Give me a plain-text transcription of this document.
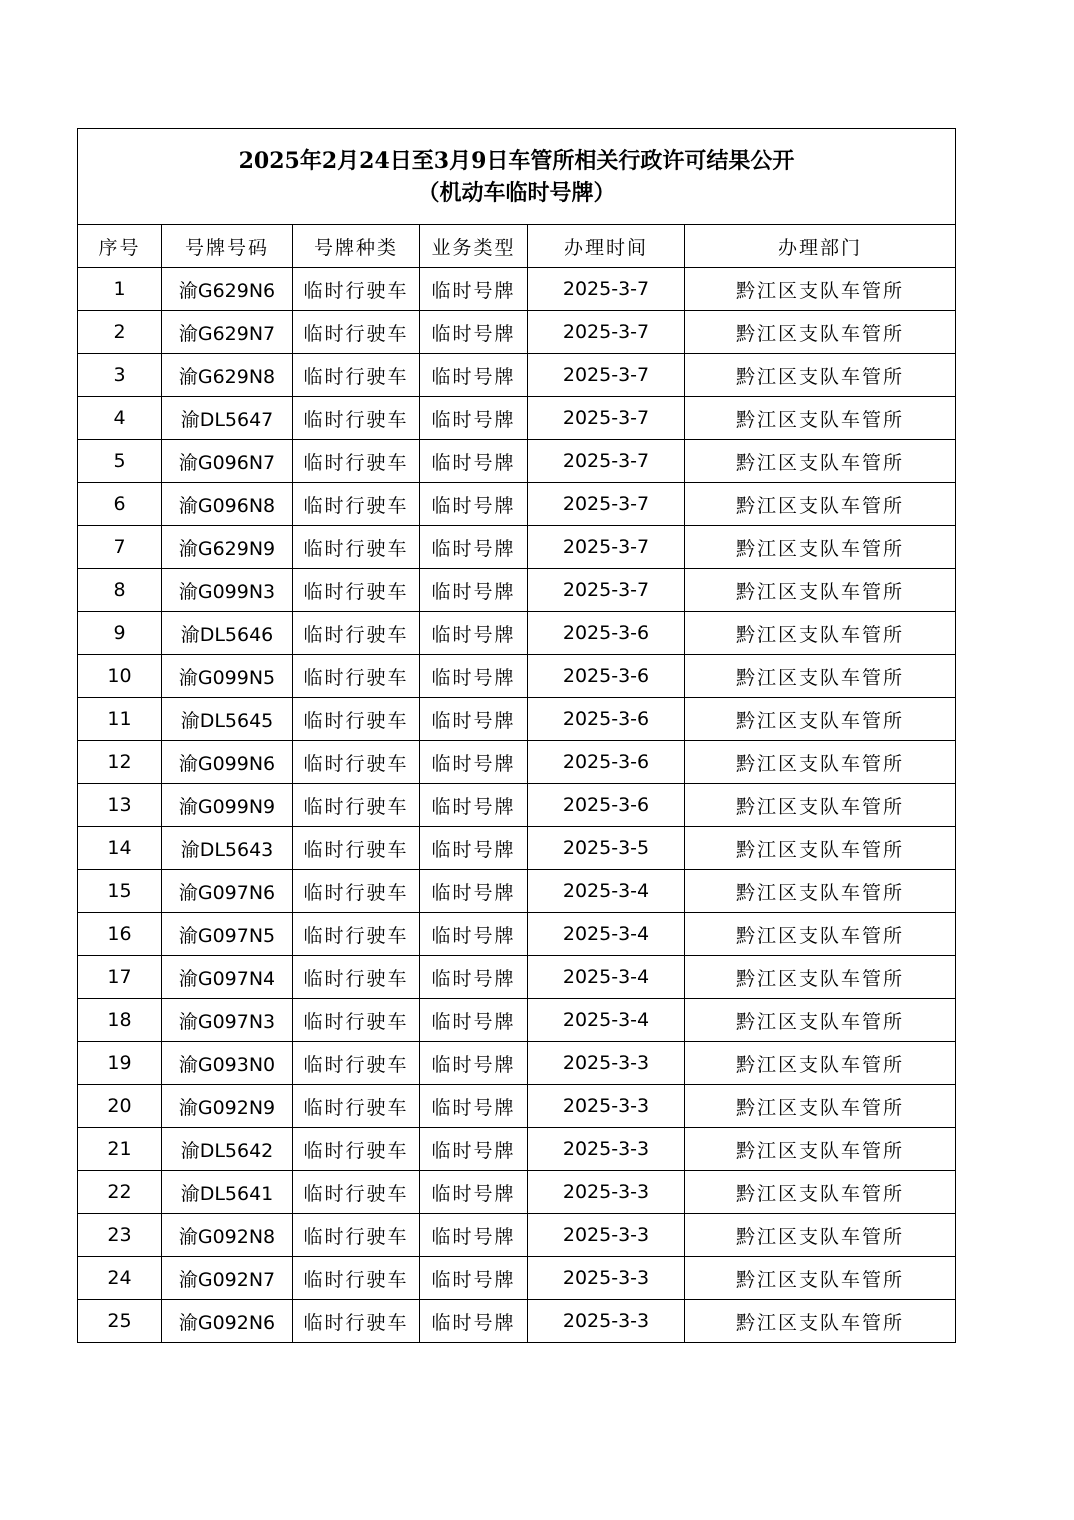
2025年2月24日至3月9日车管所相关行政许可结果公开
（机动车临时号牌）					

序号	号牌号码	号牌种类	业务类型	办理时间	办理部门
1	渝G629N6	临时行驶车	临时号牌	2025-3-7	黔江区支队车管所
2	渝G629N7	临时行驶车	临时号牌	2025-3-7	黔江区支队车管所
3	渝G629N8	临时行驶车	临时号牌	2025-3-7	黔江区支队车管所
4	渝DL5647	临时行驶车	临时号牌	2025-3-7	黔江区支队车管所
5	渝G096N7	临时行驶车	临时号牌	2025-3-7	黔江区支队车管所
6	渝G096N8	临时行驶车	临时号牌	2025-3-7	黔江区支队车管所
7	渝G629N9	临时行驶车	临时号牌	2025-3-7	黔江区支队车管所
8	渝G099N3	临时行驶车	临时号牌	2025-3-7	黔江区支队车管所
9	渝DL5646	临时行驶车	临时号牌	2025-3-6	黔江区支队车管所
10	渝G099N5	临时行驶车	临时号牌	2025-3-6	黔江区支队车管所
11	渝DL5645	临时行驶车	临时号牌	2025-3-6	黔江区支队车管所
12	渝G099N6	临时行驶车	临时号牌	2025-3-6	黔江区支队车管所
13	渝G099N9	临时行驶车	临时号牌	2025-3-6	黔江区支队车管所
14	渝DL5643	临时行驶车	临时号牌	2025-3-5	黔江区支队车管所
15	渝G097N6	临时行驶车	临时号牌	2025-3-4	黔江区支队车管所
16	渝G097N5	临时行驶车	临时号牌	2025-3-4	黔江区支队车管所
17	渝G097N4	临时行驶车	临时号牌	2025-3-4	黔江区支队车管所
18	渝G097N3	临时行驶车	临时号牌	2025-3-4	黔江区支队车管所
19	渝G093N0	临时行驶车	临时号牌	2025-3-3	黔江区支队车管所
20	渝G092N9	临时行驶车	临时号牌	2025-3-3	黔江区支队车管所
21	渝DL5642	临时行驶车	临时号牌	2025-3-3	黔江区支队车管所
22	渝DL5641	临时行驶车	临时号牌	2025-3-3	黔江区支队车管所
23	渝G092N8	临时行驶车	临时号牌	2025-3-3	黔江区支队车管所
24	渝G092N7	临时行驶车	临时号牌	2025-3-3	黔江区支队车管所
25	渝G092N6	临时行驶车	临时号牌	2025-3-3	黔江区支队车管所
